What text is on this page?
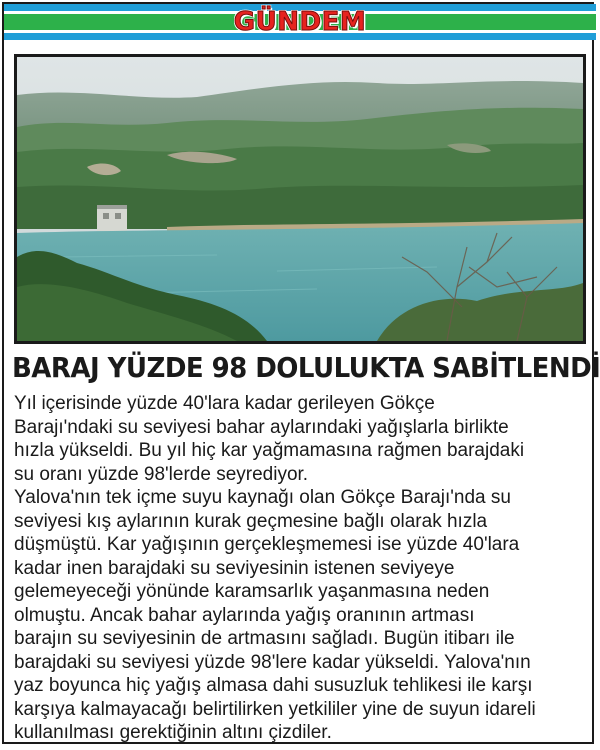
GÜNDEM
BARAJ YÜZDE 98 DOLULUKTA SABİTLENDİ

Yıl içerisinde yüzde 40'lara kadar gerileyen Gökçe
Barajı'ndaki su seviyesi bahar aylarındaki yağışlarla birlikte
hızla yükseldi. Bu yıl hiç kar yağmamasına rağmen barajdaki
su oranı yüzde 98'lerde seyrediyor.

Yalova'nın tek içme suyu kaynağı olan Gökçe Barajı'nda su
seviyesi kış aylarının kurak geçmesine bağlı olarak hızla
düşmüştü. Kar yağışının gerçekleşmemesi ise yüzde 40'lara
kadar inen barajdaki su seviyesinin istenen seviyeye
gelemeyeceği yönünde karamsarlık yaşanmasına neden
olmuştu. Ancak bahar aylarında yağış oranının artması
barajın su seviyesinin de artmasını sağladı. Bugün itibarı ile
barajdaki su seviyesi yüzde 98'lere kadar yükseldi. Yalova'nın
yaz boyunca hiç yağış almasa dahi susuzluk tehlikesi ile karşı
karşıya kalmayacağı belirtilirken yetkililer yine de suyun idareli
kullanılması gerektiğinin altını çizdiler.
